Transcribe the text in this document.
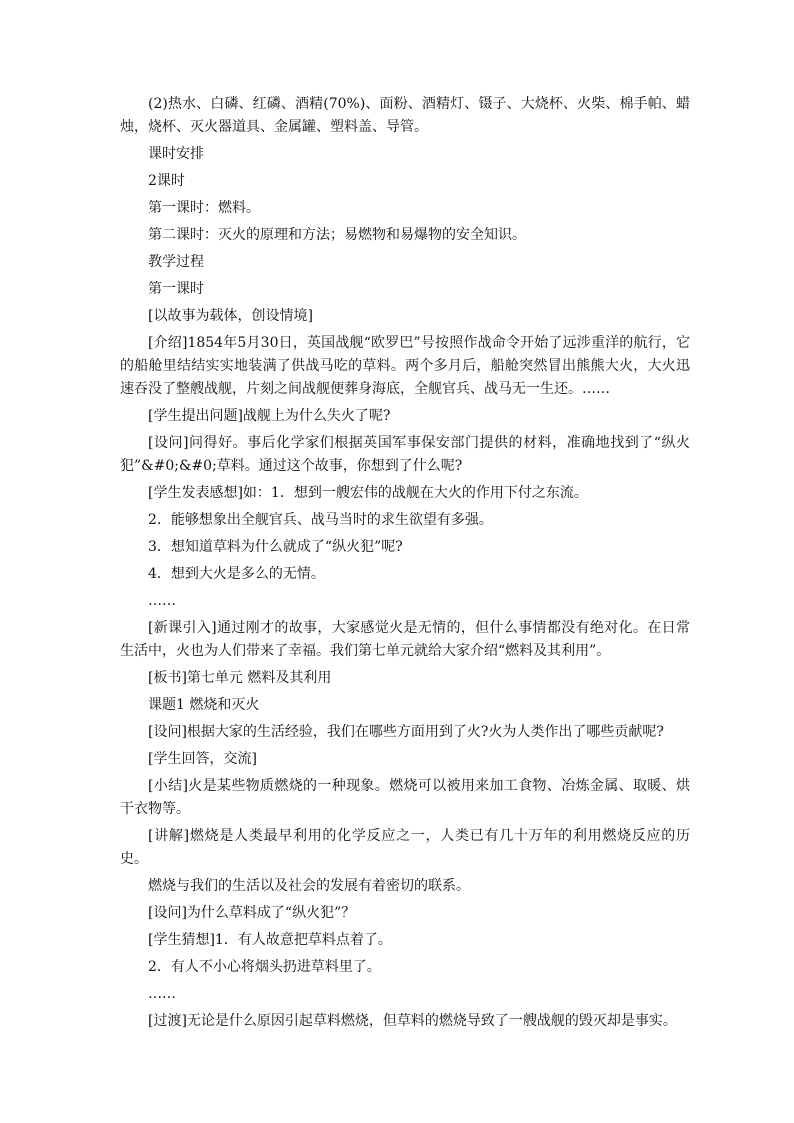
(2)热水、白磷、红磷、酒精(70%)、面粉、酒精灯、镊子、大烧杯、火柴、棉手帕、蜡烛，烧杯、灭火器道具、金属罐、塑料盖、导管。

课时安排

2课时

第一课时：燃料。

第二课时：灭火的原理和方法；易燃物和易爆物的安全知识。

教学过程

第一课时

[以故事为载体，创设情境]

[介绍]1854年5月30日，英国战舰“欧罗巴”号按照作战命令开始了远涉重洋的航行，它的船舱里结结实实地装满了供战马吃的草料。两个多月后，船舱突然冒出熊熊大火，大火迅速吞没了整艘战舰，片刻之间战舰便葬身海底，全舰官兵、战马无一生还。……

[学生提出问题]战舰上为什么失火了呢?

[设问]问得好。事后化学家们根据英国军事保安部门提供的材料，准确地找到了“纵火犯”&#0;&#0;草料。通过这个故事，你想到了什么呢?

[学生发表感想]如：1．想到一艘宏伟的战舰在大火的作用下付之东流。

2．能够想象出全舰官兵、战马当时的求生欲望有多强。

3．想知道草料为什么就成了“纵火犯”呢?

4．想到大火是多么的无情。

……

[新课引入]通过刚才的故事，大家感觉火是无情的，但什么事情都没有绝对化。在日常生活中，火也为人们带来了幸福。我们第七单元就给大家介绍“燃料及其利用”。

[板书]第七单元 燃料及其利用

课题1 燃烧和灭火

[设问]根据大家的生活经验，我们在哪些方面用到了火?火为人类作出了哪些贡献呢?

[学生回答，交流]

[小结]火是某些物质燃烧的一种现象。燃烧可以被用来加工食物、冶炼金属、取暖、烘干衣物等。

[讲解]燃烧是人类最早利用的化学反应之一，人类已有几十万年的利用燃烧反应的历史。

燃烧与我们的生活以及社会的发展有着密切的联系。

[设问]为什么草料成了“纵火犯”？

[学生猜想]1．有人故意把草料点着了。

2．有人不小心将烟头扔进草料里了。

……

[过渡]无论是什么原因引起草料燃烧，但草料的燃烧导致了一艘战舰的毁灭却是事实。
